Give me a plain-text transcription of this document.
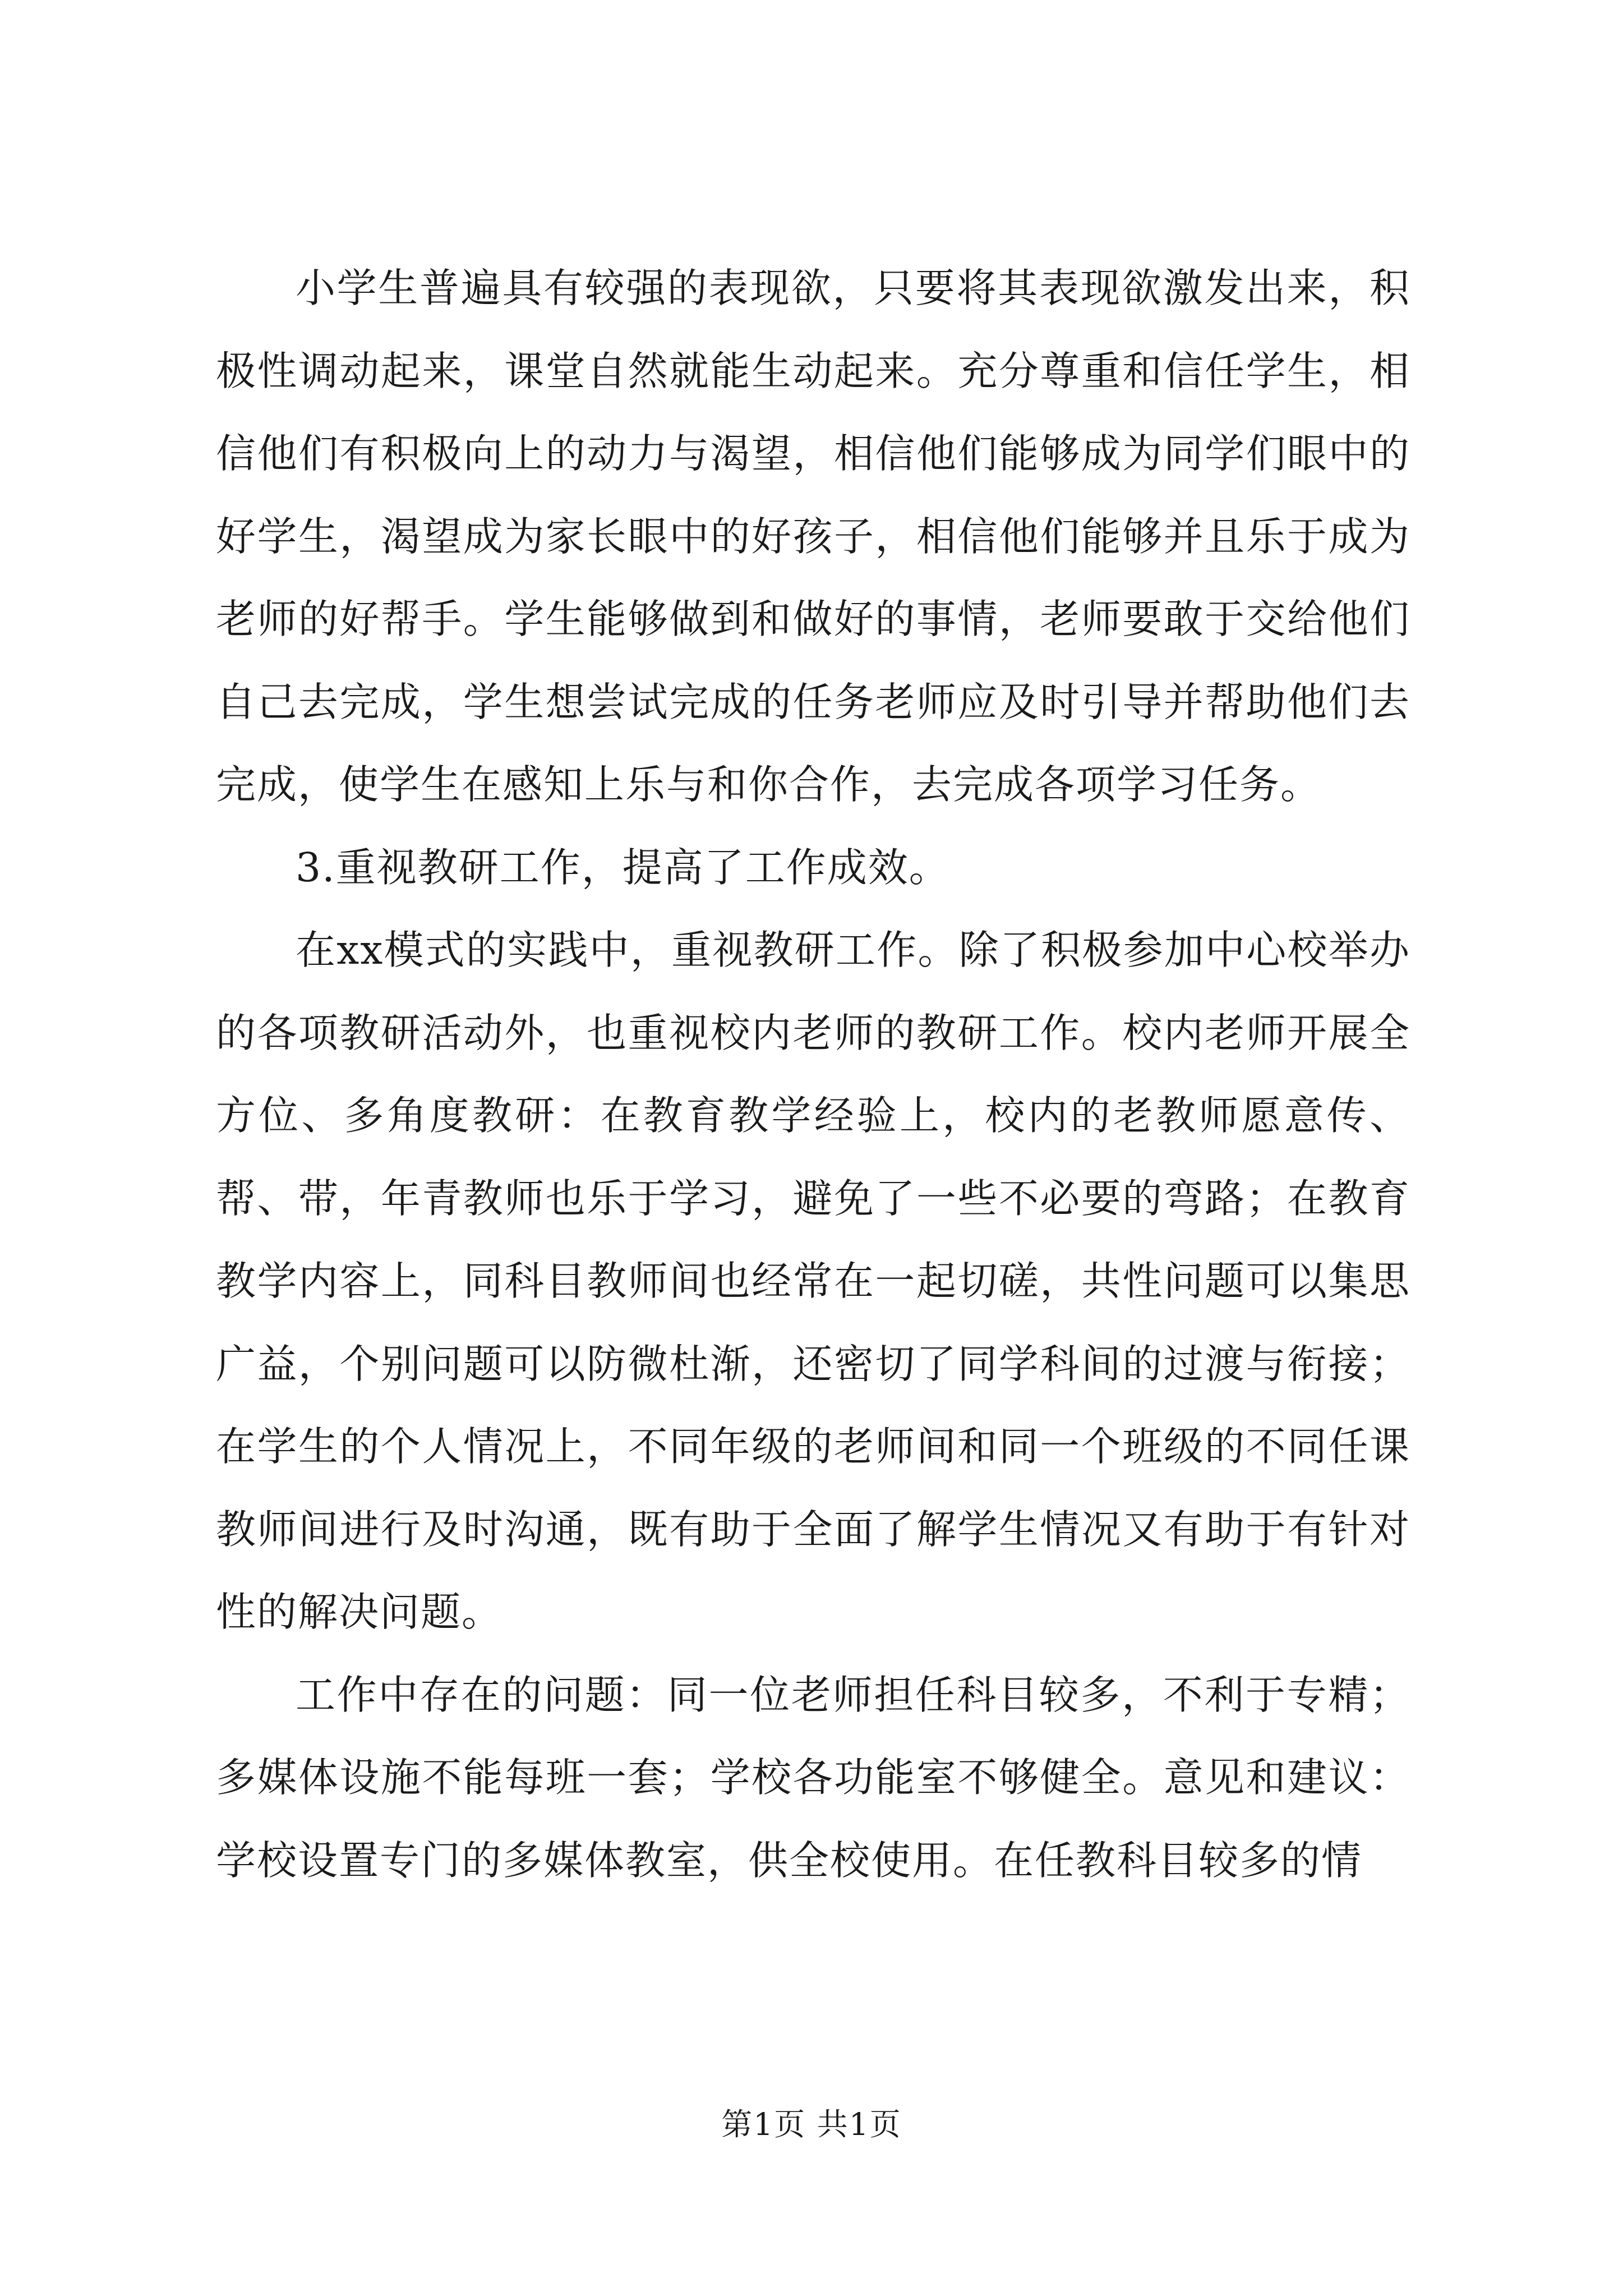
小学生普遍具有较强的表现欲，只要将其表现欲激发出来，积极性调动起来，课堂自然就能生动起来。充分尊重和信任学生，相信他们有积极向上的动力与渴望，相信他们能够成为同学们眼中的好学生，渴望成为家长眼中的好孩子，相信他们能够并且乐于成为老师的好帮手。学生能够做到和做好的事情，老师要敢于交给他们自己去完成，学生想尝试完成的任务老师应及时引导并帮助他们去完成，使学生在感知上乐与和你合作，去完成各项学习任务。

3.重视教研工作，提高了工作成效。

在xx模式的实践中，重视教研工作。除了积极参加中心校举办的各项教研活动外，也重视校内老师的教研工作。校内老师开展全方位、多角度教研：在教育教学经验上，校内的老教师愿意传、帮、带，年青教师也乐于学习，避免了一些不必要的弯路；在教育教学内容上，同科目教师间也经常在一起切磋，共性问题可以集思广益，个别问题可以防微杜渐，还密切了同学科间的过渡与衔接；在学生的个人情况上，不同年级的老师间和同一个班级的不同任课教师间进行及时沟通，既有助于全面了解学生情况又有助于有针对性的解决问题。

工作中存在的问题：同一位老师担任科目较多，不利于专精；多媒体设施不能每班一套；学校各功能室不够健全。意见和建议：学校设置专门的多媒体教室，供全校使用。在任教科目较多的情

第1页 共1页
